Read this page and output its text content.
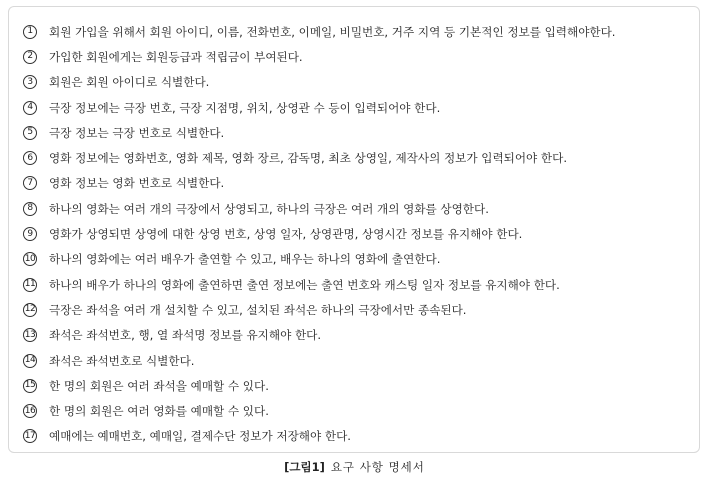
1	회원 가입을 위해서 회원 아이디, 이름, 전화번호, 이메일, 비밀번호, 거주 지역 등 기본적인 정보를 입력해야한다.
2	가입한 회원에게는 회원등급과 적립금이 부여된다.
3	회원은 회원 아이디로 식별한다.
4	극장 정보에는 극장 번호, 극장 지점명, 위치, 상영관 수 등이 입력되어야 한다.
5	극장 정보는 극장 번호로 식별한다.
6	영화 정보에는 영화번호, 영화 제목, 영화 장르, 감독명, 최초 상영일, 제작사의 정보가 입력되어야 한다.
7	영화 정보는 영화 번호로 식별한다.
8	하나의 영화는 여러 개의 극장에서 상영되고, 하나의 극장은 여러 개의 영화를 상영한다.
9	영화가 상영되면 상영에 대한 상영 번호, 상영 일자, 상영관명, 상영시간 정보를 유지해야 한다.
10 하나의 영화에는 여러 배우가 출연할 수 있고, 배우는 하나의 영화에 출연한다.
11 하나의 배우가 하나의 영화에 출연하면 출연 정보에는 출연 번호와 캐스팅 일자 정보를 유지해야 한다.
12 극장은 좌석을 여러 개 설치할 수 있고, 설치된 좌석은 하나의 극장에서만 종속된다.
13 좌석은 좌석번호, 행, 열 좌석명 정보를 유지해야 한다.
14 좌석은 좌석번호로 식별한다.
15 한 명의 회원은 여러 좌석을 예매할 수 있다.
16 한 명의 회원은 여러 영화를 예매할 수 있다.
17 예매에는 예매번호, 예매일, 결제수단 정보가 저장해야 한다.
[그림1] 요구 사항 명세서
